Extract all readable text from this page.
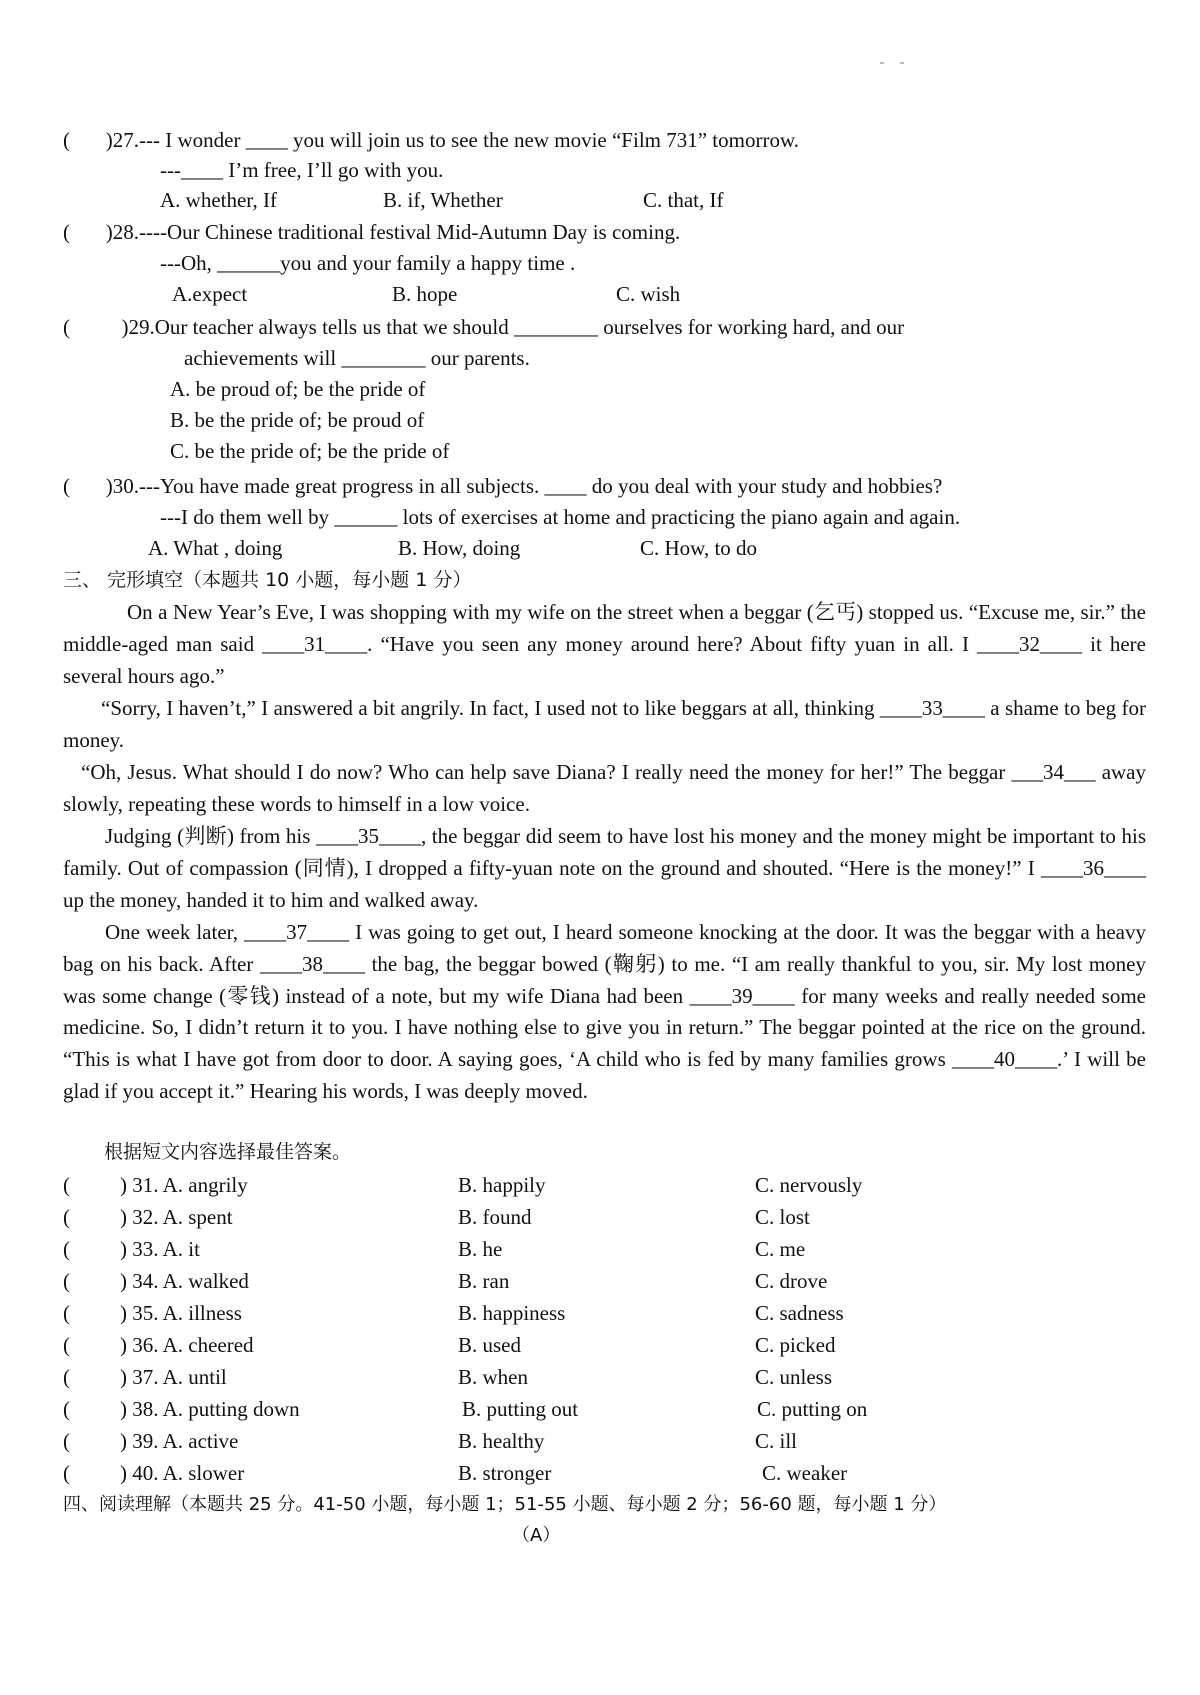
( )27.--- I wonder ____ you will join us to see the new movie “Film 731” tomorrow.
---____ I’m free, I’ll go with you.
A. whether, If	B. if, Whether	C. that, If
( )28.----Our Chinese traditional festival Mid-Autumn Day is coming.
---Oh, ______you and your family a happy time .
A.expect	B. hope	C. wish
( )29.Our teacher always tells us that we should ________ ourselves for working hard, and our
achievements will ________ our parents.
A. be proud of; be the pride of
B. be the pride of; be proud of
C. be the pride of; be the pride of
( )30.---You have made great progress in all subjects. ____ do you deal with your study and hobbies?
---I do them well by ______ lots of exercises at home and practicing the piano again and again.
A. What , doing	B. How, doing	C. How, to do
三、 完形填空（本题共 10 小题，每小题 1 分）
On a New Year’s Eve, I was shopping with my wife on the street when a beggar (乞丐) stopped us. “Excuse me, sir.” the middle-aged man said ____31____. “Have you seen any money around here? About fifty yuan in all. I ____32____ it here several hours ago.”
“Sorry, I haven’t,” I answered a bit angrily. In fact, I used not to like beggars at all, thinking ____33____ a shame to beg for money.
“Oh, Jesus. What should I do now? Who can help save Diana? I really need the money for her!” The beggar ___34___ away slowly, repeating these words to himself in a low voice.
Judging (判断) from his ____35____, the beggar did seem to have lost his money and the money might be important to his family. Out of compassion (同情), I dropped a fifty-yuan note on the ground and shouted. “Here is the money!” I ____36____ up the money, handed it to him and walked away.
One week later, ____37____ I was going to get out, I heard someone knocking at the door. It was the beggar with a heavy bag on his back. After ____38____ the bag, the beggar bowed (鞠躬) to me. “I am really thankful to you, sir. My lost money was some change (零钱) instead of a note, but my wife Diana had been ____39____ for many weeks and really needed some medicine. So, I didn’t return it to you. I have nothing else to give you in return.” The beggar pointed at the rice on the ground. “This is what I have got from door to door. A saying goes, ‘A child who is fed by many families grows ____40____.’ I will be glad if you accept it.” Hearing his words, I was deeply moved.
根据短文内容选择最佳答案。
( ) 31. A. angrily	B. happily	C. nervously
( ) 32. A. spent	B. found	C. lost
( ) 33. A. it	B. he	C. me
( ) 34. A. walked	B. ran	C. drove
( ) 35. A. illness	B. happiness	C. sadness
( ) 36. A. cheered	B. used	C. picked
( ) 37. A. until	B. when	C. unless
( ) 38. A. putting down	B. putting out	C. putting on
( ) 39. A. active	B. healthy	C. ill
( ) 40. A. slower	B. stronger	C. weaker
四、阅读理解（本题共 25 分。41-50 小题，每小题 1；51-55 小题、每小题 2 分；56-60 题，每小题 1 分）
（A）
